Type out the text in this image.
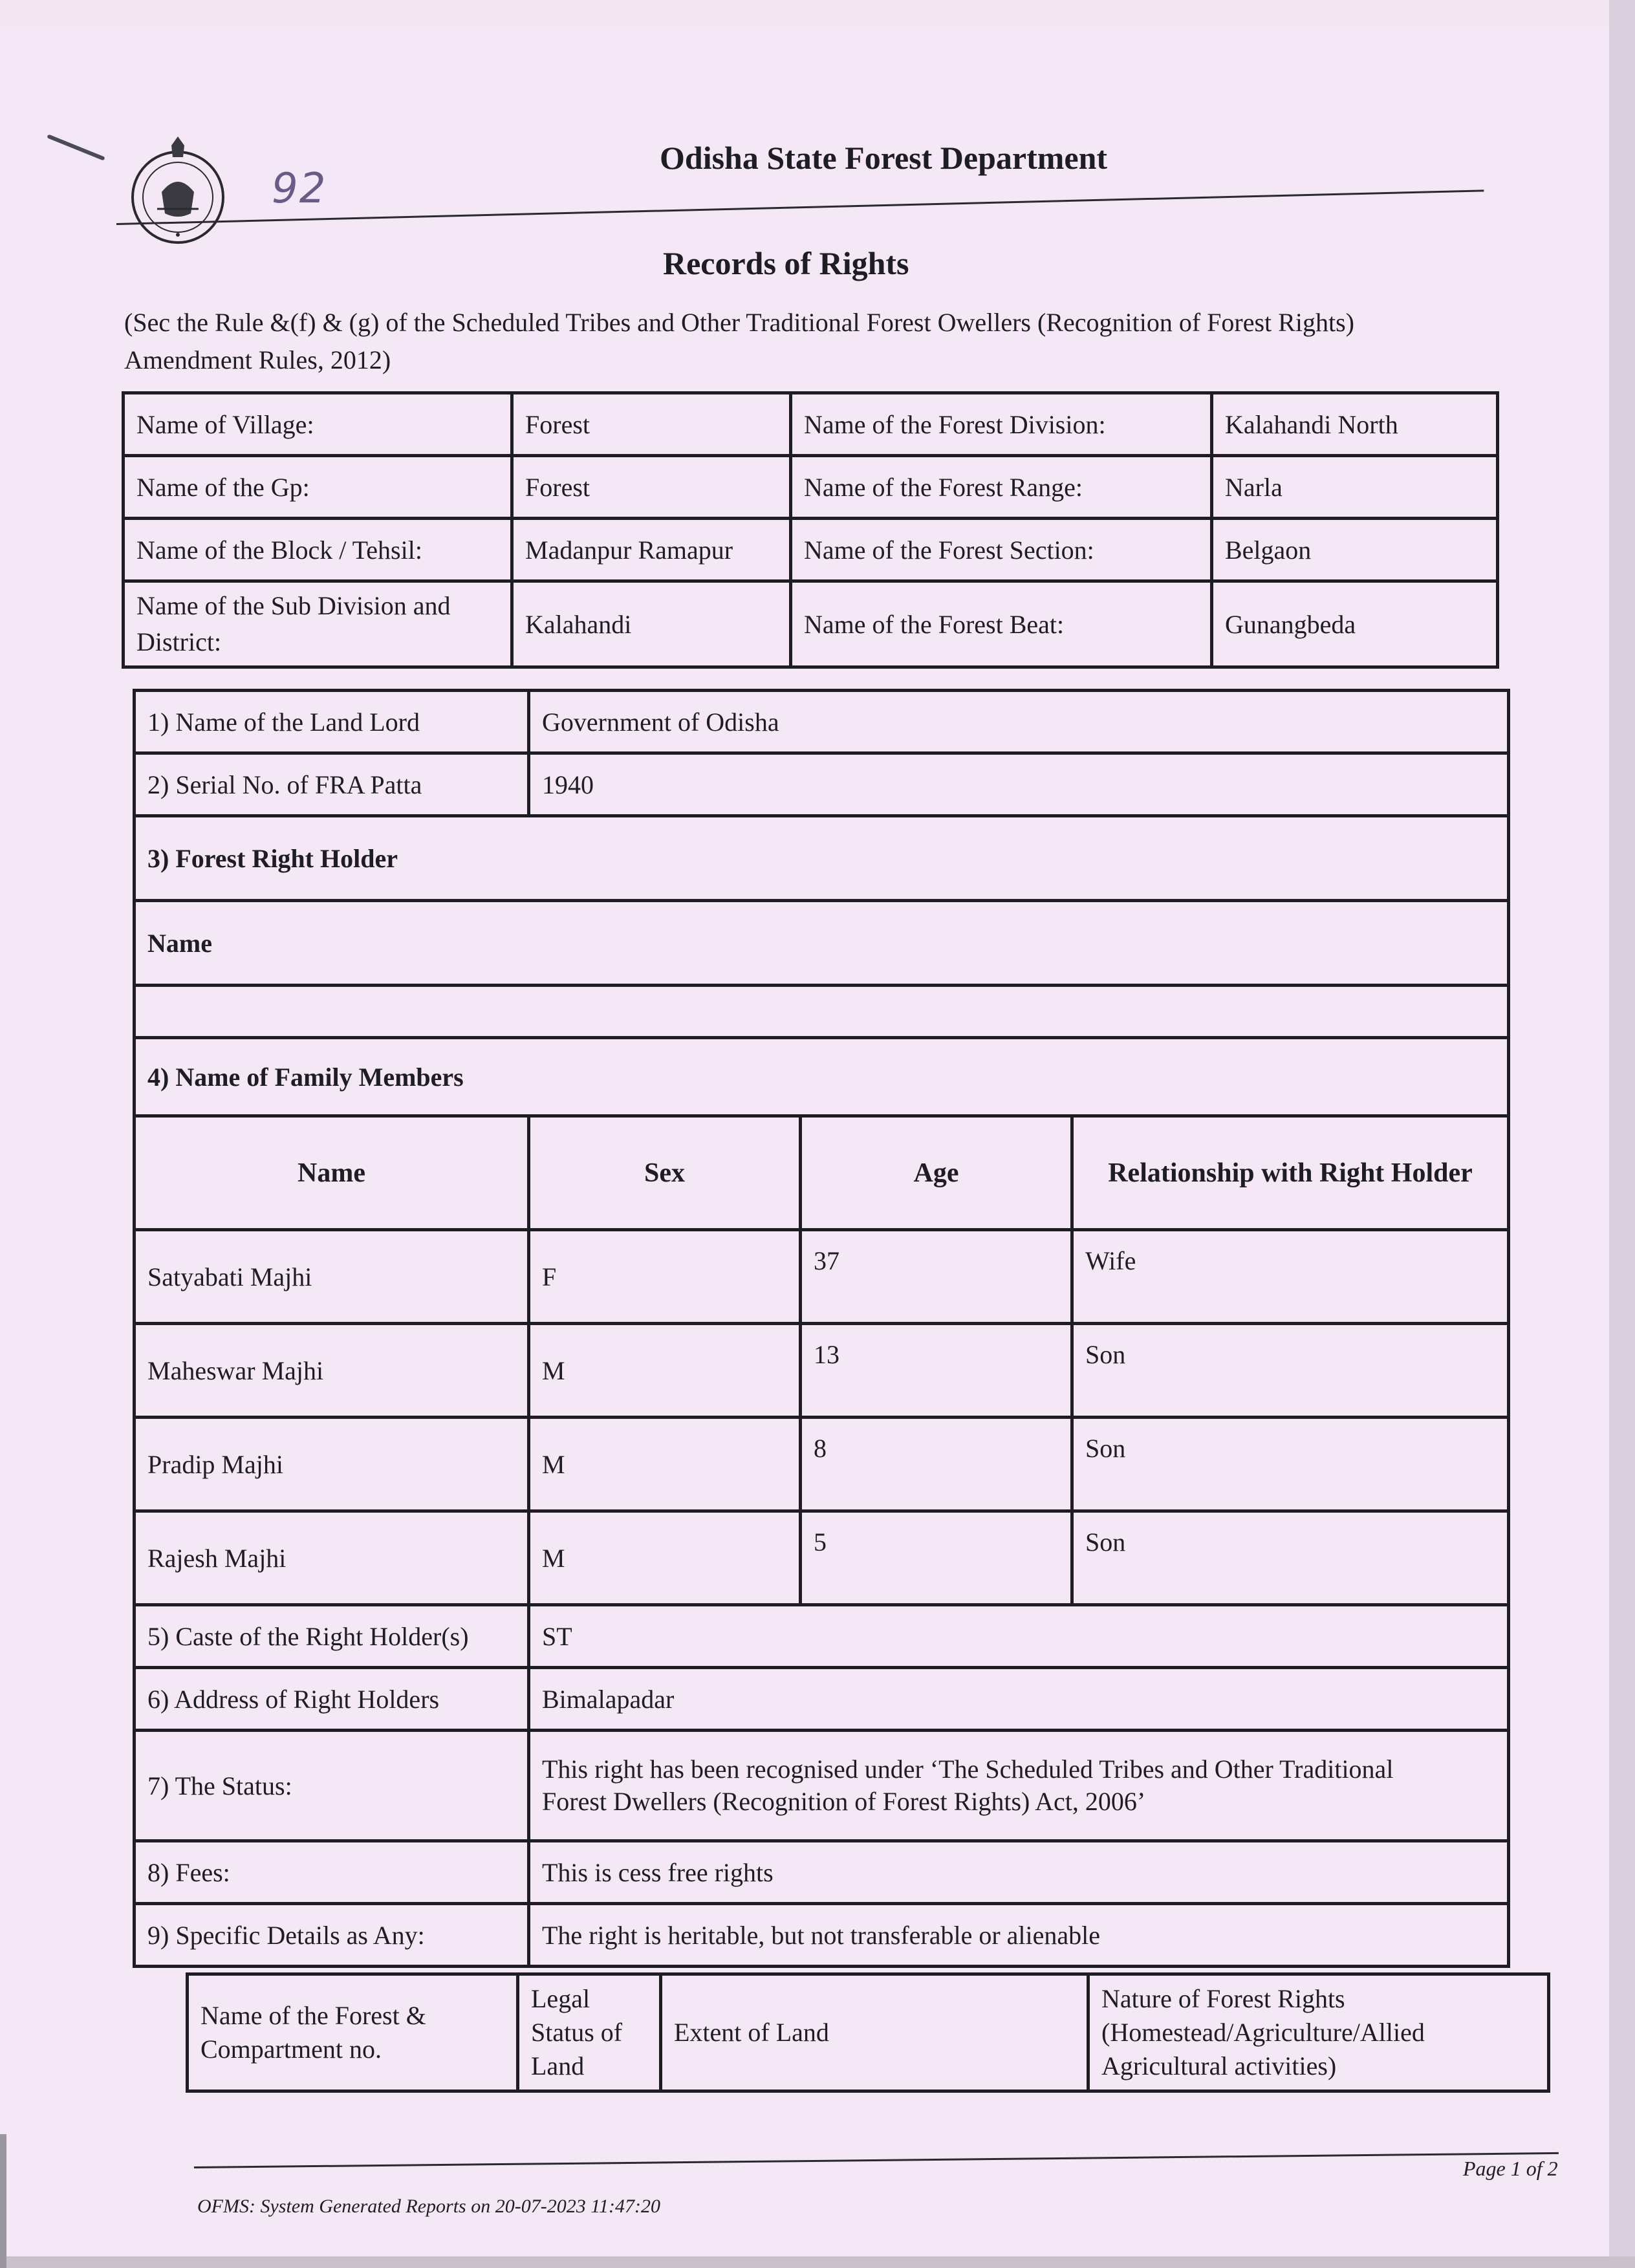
92
Odisha State Forest Department
Records of Rights
(Sec the Rule &(f) & (g) of the Scheduled Tribes and Other Traditional Forest Owellers (Recognition of Forest Rights) Amendment Rules, 2012)
Name of Village:	Forest	Name of the Forest Division:	Kalahandi North
Name of the Gp:	Forest	Name of the Forest Range:	Narla
Name of the Block / Tehsil:	Madanpur Ramapur	Name of the Forest Section:	Belgaon
Name of the Sub Division and District:	Kalahandi	Name of the Forest Beat:	Gunangbeda
1) Name of the Land Lord	Government of Odisha		
2) Serial No. of FRA Patta	1940		
3) Forest Right Holder			
Name			

4) Name of Family Members			
Name	Sex	Age	Relationship with Right Holder
Satyabati Majhi	F	37	Wife
Maheswar Majhi	M	13	Son
Pradip Majhi	M	8	Son
Rajesh Majhi	M	5	Son
5) Caste of the Right Holder(s)	ST		
6) Address of Right Holders	Bimalapadar		
7) The Status:	This right has been recognised under ‘The Scheduled Tribes and Other Traditional
Forest Dwellers (Recognition of Forest Rights) Act, 2006’		

8) Fees:	This is cess free rights		
9) Specific Details as Any:	The right is heritable, but not transferable or alienable		
Name of the Forest & Compartment no.	Legal Status of Land	Extent of Land	Nature of Forest Rights (Homestead/Agriculture/Allied Agricultural activities)
Page 1 of 2
OFMS: System Generated Reports on 20-07-2023 11:47:20
